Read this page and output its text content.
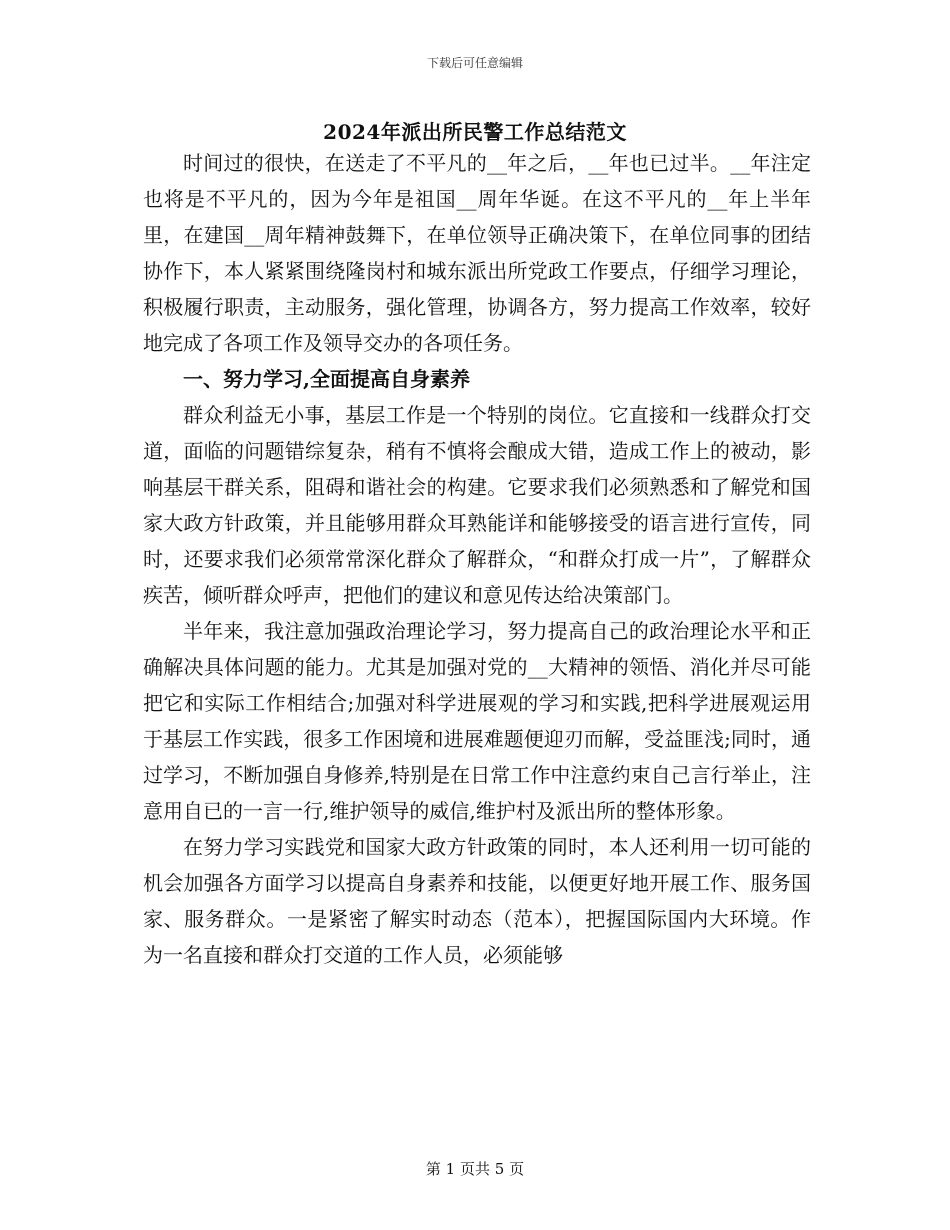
下载后可任意编辑
2024年派出所民警工作总结范文

时间过的很快，在送走了不平凡的__年之后，__年也已过半。__年注定也将是不平凡的，因为今年是祖国__周年华诞。在这不平凡的__年上半年里，在建国__周年精神鼓舞下，在单位领导正确决策下，在单位同事的团结协作下，本人紧紧围绕隆岗村和城东派出所党政工作要点，仔细学习理论，积极履行职责，主动服务，强化管理，协调各方，努力提高工作效率，较好地完成了各项工作及领导交办的各项任务。

一、努力学习,全面提高自身素养

群众利益无小事，基层工作是一个特别的岗位。它直接和一线群众打交道，面临的问题错综复杂，稍有不慎将会酿成大错，造成工作上的被动，影响基层干群关系，阻碍和谐社会的构建。它要求我们必须熟悉和了解党和国家大政方针政策，并且能够用群众耳熟能详和能够接受的语言进行宣传，同时，还要求我们必须常常深化群众了解群众，“和群众打成一片”，了解群众疾苦，倾听群众呼声，把他们的建议和意见传达给决策部门。

半年来，我注意加强政治理论学习，努力提高自己的政治理论水平和正确解决具体问题的能力。尤其是加强对党的__大精神的领悟、消化并尽可能把它和实际工作相结合;加强对科学进展观的学习和实践,把科学进展观运用于基层工作实践，很多工作困境和进展难题便迎刃而解，受益匪浅;同时，通过学习，不断加强自身修养,特别是在日常工作中注意约束自己言行举止，注意用自已的一言一行,维护领导的威信,维护村及派出所的整体形象。

在努力学习实践党和国家大政方针政策的同时，本人还利用一切可能的机会加强各方面学习以提高自身素养和技能，以便更好地开展工作、服务国家、服务群众。一是紧密了解实时动态（范本），把握国际国内大环境。作为一名直接和群众打交道的工作人员，必须能够

第 1 页共 5 页
